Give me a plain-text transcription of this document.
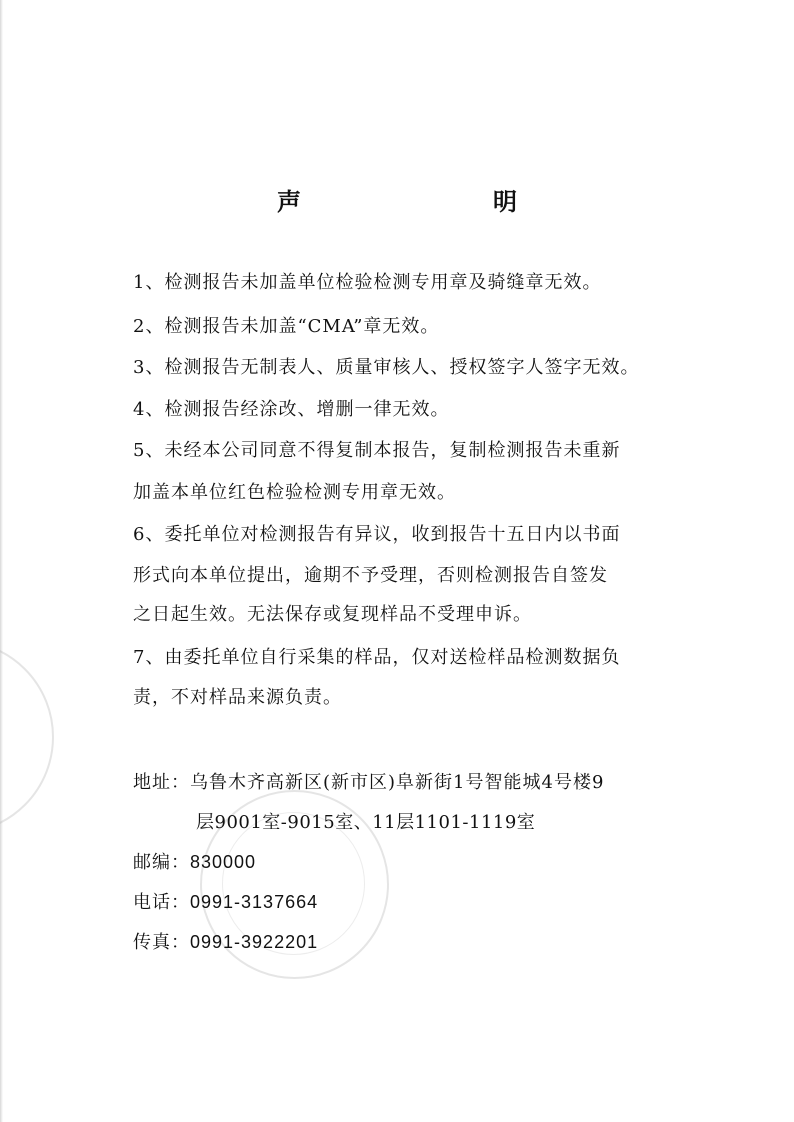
声　明
1、检测报告未加盖单位检验检测专用章及骑缝章无效。
2、检测报告未加盖“CMA”章无效。
3、检测报告无制表人、质量审核人、授权签字人签字无效。
4、检测报告经涂改、增删一律无效。
5、未经本公司同意不得复制本报告，复制检测报告未重新
加盖本单位红色检验检测专用章无效。
6、委托单位对检测报告有异议，收到报告十五日内以书面
形式向本单位提出，逾期不予受理，否则检测报告自签发
之日起生效。无法保存或复现样品不受理申诉。
7、由委托单位自行采集的样品，仅对送检样品检测数据负
责，不对样品来源负责。
地址：乌鲁木齐高新区(新市区)阜新街1号智能城4号楼9
层9001室-9015室、11层1101-1119室
邮编：830000
电话：0991-3137664
传真：0991-3922201
